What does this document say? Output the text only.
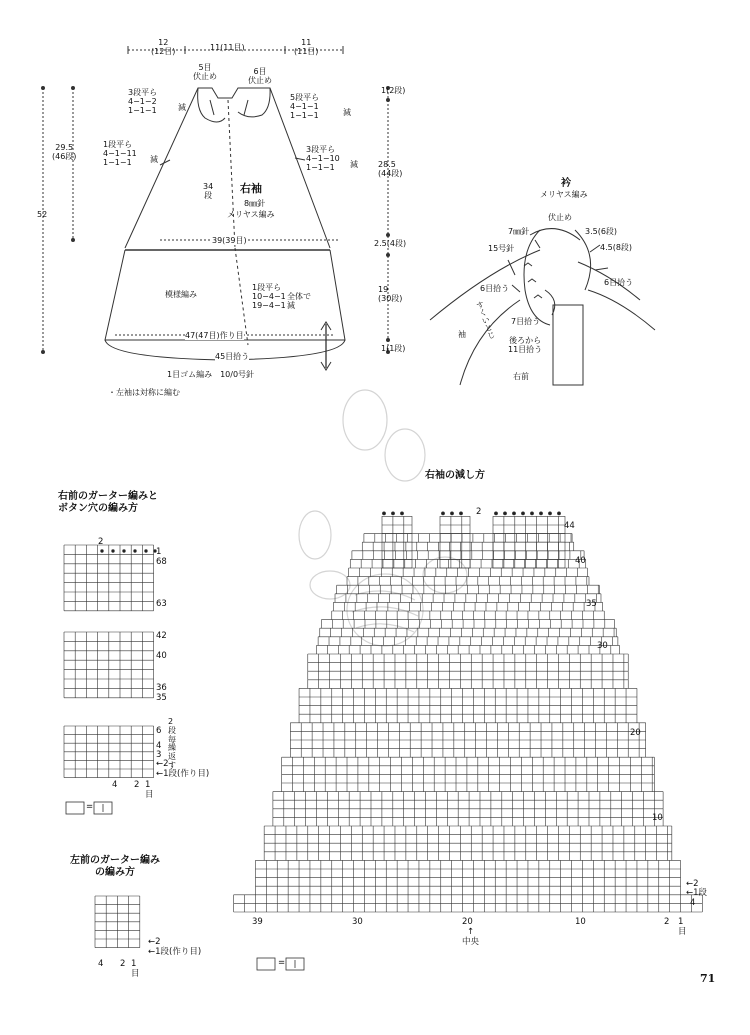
12
(12目)	11(11目)
11
(11目)
5目
伏止め
6目
伏止め
3段平ら
4−1−2
1−1−1	減
5段平ら
4−1−1
1−1−1	減
1段平ら
4−1−11
1−1−1	減
3段平ら
4−1−10
1−1−1	減
34
段
右袖
8㎜針
メリヤス編み
39(39目)
模様編み
1段平ら
10−4−1
19−4−1
全体で
減
47(47目)作り目
45目拾う
1目ゴム編み　10/0号針
29.5
(46段)
52
1(2段)
28.5
(44段)
2.5(4段)
19
(30段)
1(1段)
・左袖は対称に編む
衿
メリヤス編み
伏止め
7㎜針
15号針
6目拾う
3.5(6段)
4.5(8段)
6目拾う
すくいとじ 7目拾う
後ろから
11目拾う
袖
右前
右袖の減し方
右前のガーター編みと
ボタン穴の編み方
左前のガーター編み
の編み方
44
40
35
30
20
10
2
←2
←1段
4
39	30	20	10	2 1
目
↑
中央
2
1
68
63
42
40
36
35
6
2
段
毎
繰
返
す
4
3
←2
←1段(作り目)
4 2 1
目
=
←2
←1段(作り目)
4 2 1
目
=
71
